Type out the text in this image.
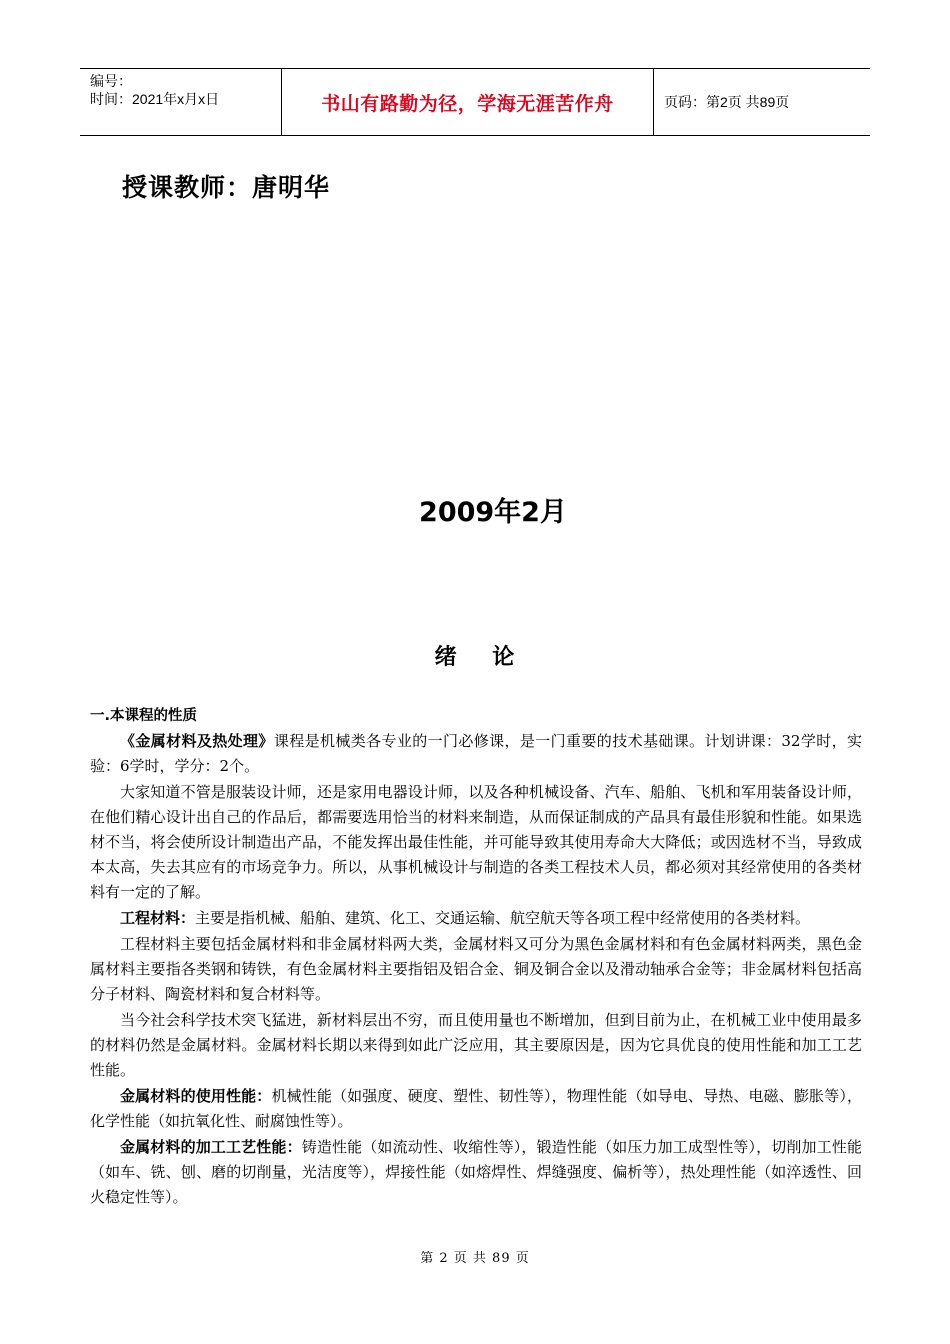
编号：
时间：2021年x月x日	书山有路勤为径，学海无涯苦作舟	页码：第2页 共89页
授课教师：唐明华
2009年2月
绪    论

一.本课程的性质

《金属材料及热处理》课程是机械类各专业的一门必修课，是一门重要的技术基础课。计划讲课：32学时，实验：6学时，学分：2个。

大家知道不管是服装设计师，还是家用电器设计师，以及各种机械设备、汽车、船舶、飞机和军用装备设计师，在他们精心设计出自己的作品后，都需要选用恰当的材料来制造，从而保证制成的产品具有最佳形貌和性能。如果选材不当，将会使所设计制造出产品，不能发挥出最佳性能，并可能导致其使用寿命大大降低；或因选材不当，导致成本太高，失去其应有的市场竞争力。所以，从事机械设计与制造的各类工程技术人员，都必须对其经常使用的各类材料有一定的了解。

工程材料：主要是指机械、船舶、建筑、化工、交通运输、航空航天等各项工程中经常使用的各类材料。

工程材料主要包括金属材料和非金属材料两大类，金属材料又可分为黑色金属材料和有色金属材料两类，黑色金属材料主要指各类钢和铸铁，有色金属材料主要指铝及铝合金、铜及铜合金以及滑动轴承合金等；非金属材料包括高分子材料、陶瓷材料和复合材料等。

当今社会科学技术突飞猛进，新材料层出不穷，而且使用量也不断增加，但到目前为止，在机械工业中使用最多的材料仍然是金属材料。金属材料长期以来得到如此广泛应用，其主要原因是，因为它具优良的使用性能和加工工艺性能。

金属材料的使用性能：机械性能（如强度、硬度、塑性、韧性等），物理性能（如导电、导热、电磁、膨胀等），化学性能（如抗氧化性、耐腐蚀性等）。

金属材料的加工工艺性能：铸造性能（如流动性、收缩性等），锻造性能（如压力加工成型性等），切削加工性能（如车、铣、刨、磨的切削量，光洁度等），焊接性能（如熔焊性、焊缝强度、偏析等），热处理性能（如淬透性、回火稳定性等）。

第 2 页 共 89 页
